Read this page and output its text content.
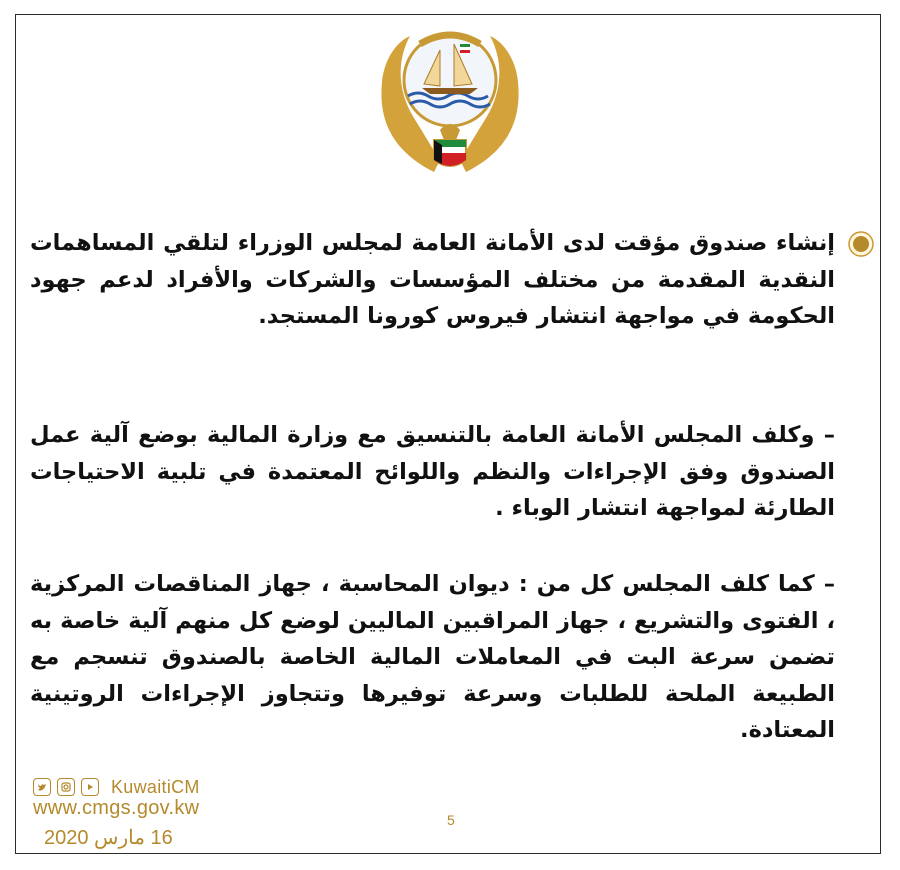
إنشاء صندوق مؤقت لدى الأمانة العامة لمجلس الوزراء لتلقي المساهمات النقدية المقدمة من مختلف المؤسسات والشركات والأفراد لدعم جهود الحكومة في مواجهة انتشار فيروس كورونا المستجد.

– وكلف المجلس الأمانة العامة بالتنسيق مع وزارة المالية بوضع آلية عمل الصندوق وفق الإجراءات والنظم واللوائح المعتمدة في تلبية الاحتياجات الطارئة لمواجهة انتشار الوباء .

– كما كلف المجلس كل من : ديوان المحاسبة ، جهاز المناقصات المركزية ، الفتوى والتشريع ، جهاز المراقبين الماليين لوضع كل منهم آلية خاصة به تضمن سرعة البت في المعاملات المالية الخاصة بالصندوق تنسجم مع الطبيعة الملحة للطلبات وسرعة توفيرها وتتجاوز الإجراءات الروتينية المعتادة.

KuwaitiCM
www.cmgs.gov.kw
16 مارس 2020
5
